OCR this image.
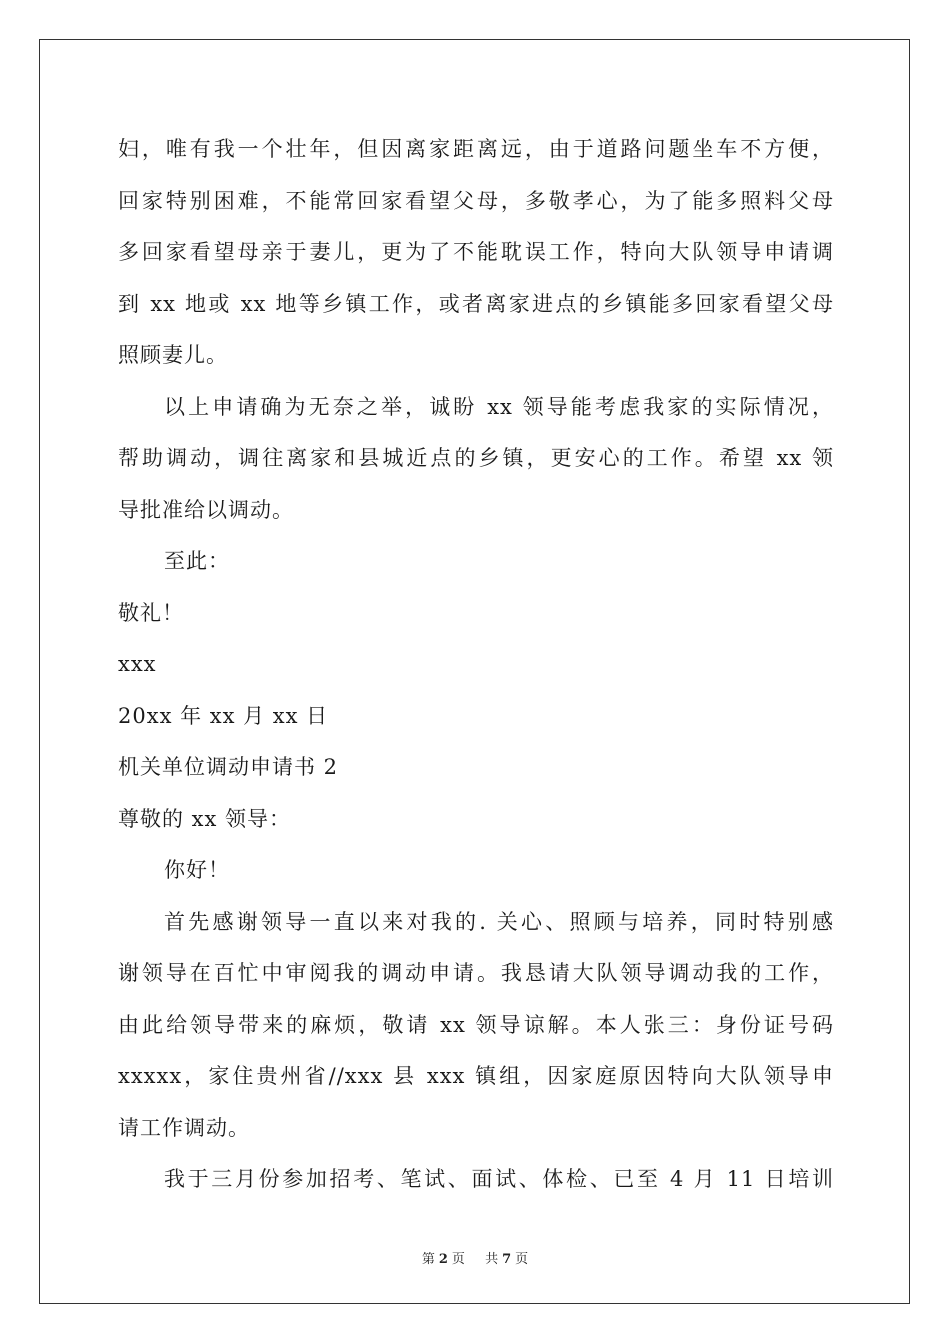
妇，唯有我一个壮年，但因离家距离远，由于道路问题坐车不方便，
回家特别困难，不能常回家看望父母，多敬孝心，为了能多照料父母
多回家看望母亲于妻儿，更为了不能耽误工作，特向大队领导申请调
到 xx 地或 xx 地等乡镇工作，或者离家进点的乡镇能多回家看望父母
照顾妻儿。
以上申请确为无奈之举，诚盼 xx 领导能考虑我家的实际情况，
帮助调动，调往离家和县城近点的乡镇，更安心的工作。希望 xx 领
导批准给以调动。
至此：
敬礼！
xxx
20xx 年 xx 月 xx 日
机关单位调动申请书 2
尊敬的 xx 领导：
你好！
首先感谢领导一直以来对我的. 关心、照顾与培养，同时特别感
谢领导在百忙中审阅我的调动申请。我恳请大队领导调动我的工作，
由此给领导带来的麻烦，敬请 xx 领导谅解。本人张三：身份证号码
xxxxx，家住贵州省//xxx 县 xxx 镇组，因家庭原因特向大队领导申
请工作调动。
我于三月份参加招考、笔试、面试、体检、已至 4 月 11 日培训
第 2 页 共 7 页
